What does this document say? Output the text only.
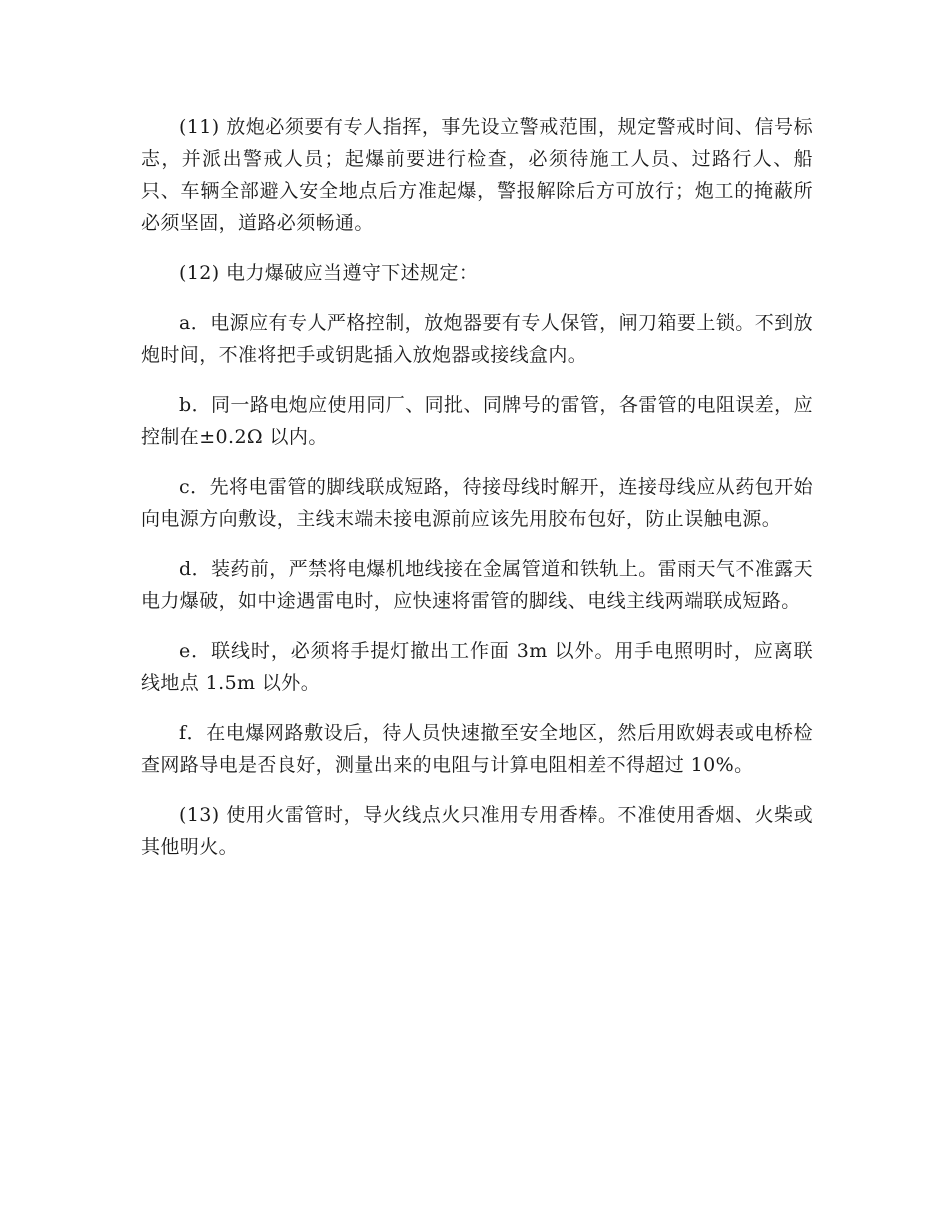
(11) 放炮必须要有专人指挥，事先设立警戒范围，规定警戒时间、信号标志，并派出警戒人员；起爆前要进行检查，必须待施工人员、过路行人、船只、车辆全部避入安全地点后方准起爆，警报解除后方可放行；炮工的掩蔽所必须坚固，道路必须畅通。

(12) 电力爆破应当遵守下述规定：

a．电源应有专人严格控制，放炮器要有专人保管，闸刀箱要上锁。不到放炮时间，不准将把手或钥匙插入放炮器或接线盒内。

b．同一路电炮应使用同厂、同批、同牌号的雷管，各雷管的电阻误差，应控制在±0.2Ω 以内。

c．先将电雷管的脚线联成短路，待接母线时解开，连接母线应从药包开始向电源方向敷设，主线末端未接电源前应该先用胶布包好，防止误触电源。

d．装药前，严禁将电爆机地线接在金属管道和铁轨上。雷雨天气不准露天电力爆破，如中途遇雷电时，应快速将雷管的脚线、电线主线两端联成短路。

e．联线时，必须将手提灯撤出工作面 3m 以外。用手电照明时，应离联线地点 1.5m 以外。

f．在电爆网路敷设后，待人员快速撤至安全地区，然后用欧姆表或电桥检查网路导电是否良好，测量出来的电阻与计算电阻相差不得超过 10%。

(13) 使用火雷管时，导火线点火只准用专用香棒。不准使用香烟、火柴或其他明火。
